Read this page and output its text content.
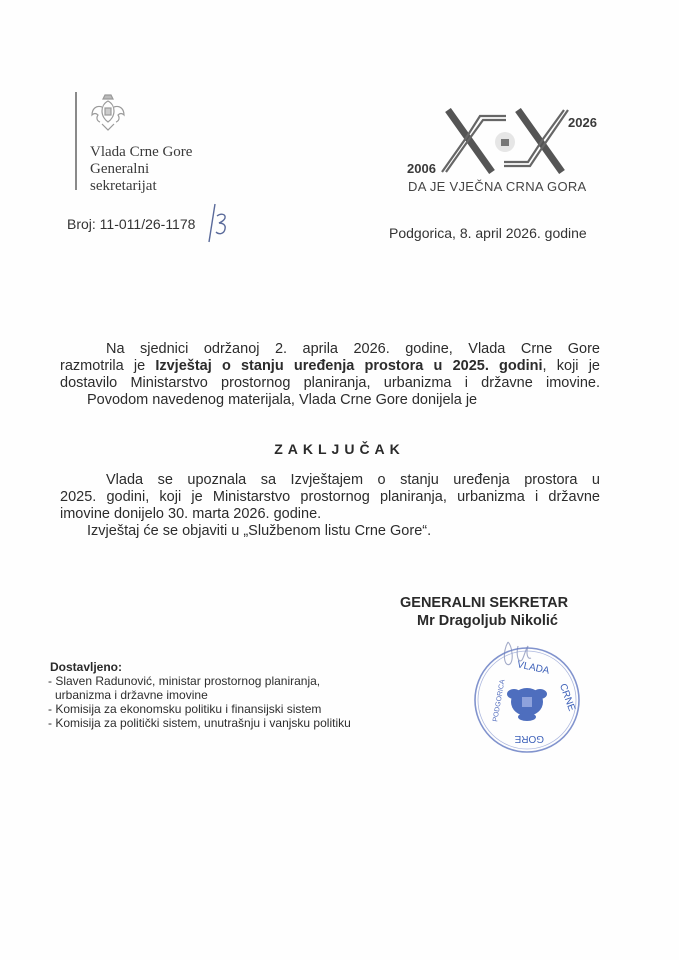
Vlada Crne Gore
Generalni
sekretarijat
2026
2006
DA JE VJEČNA CRNA GORA
Broj: 11-011/26-1178
Podgorica, 8. april 2026. godine
Na sjednici održanoj 2. aprila 2026. godine, Vlada Crne Gore
razmotrila je Izvještaj o stanju uređenja prostora u 2025. godini, koji je
dostavilo Ministarstvo prostornog planiranja, urbanizma i državne imovine.
Povodom navedenog materijala, Vlada Crne Gore donijela je
ZAKLJUČAK
Vlada se upoznala sa Izvještajem o stanju uređenja prostora u
2025. godini, koji je Ministarstvo prostornog planiranja, urbanizma i državne
imovine donijelo 30. marta 2026. godine.
Izvještaj će se objaviti u „Službenom listu Crne Gore“.
GENERALNI SEKRETAR
Mr Dragoljub Nikolić
VLADA
CRNE
GORE
PODGORICA
Dostavljeno:
- Slaven Radunović, ministar prostornog planiranja,
urbanizma i državne imovine
- Komisija za ekonomsku politiku i finansijski sistem
- Komisija za politički sistem, unutrašnju i vanjsku politiku
